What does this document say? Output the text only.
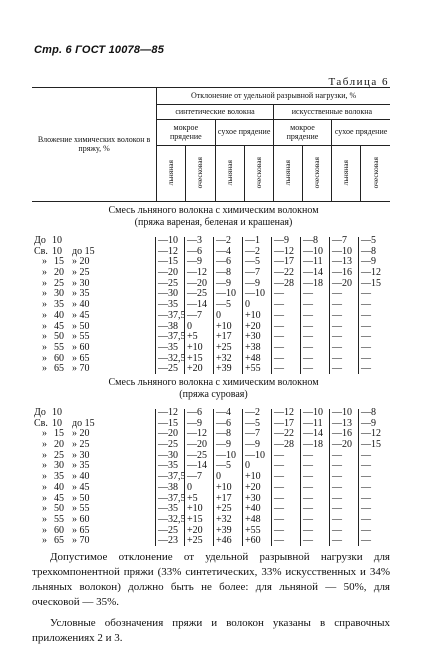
Стр. 6 ГОСТ 10078—85
Таблица 6
Вложение химических волокон в пряжу, %	Отклонение от удельной разрывной нагрузки, %							
	синтетические волокна				искусственные волокна			
	мокрое прядение		сухое прядение		мокрое прядение		сухое прядение	
	льняная	оческовая	льняная	оческовая	льняная	оческовая	льняная	оческовая
Смесь льняного волокна с химическим волокном
(пряжа вареная, беленая и крашеная)
До 10	—10 —3 —2 —1 —9 —8 —7 —5
Св. 10 до 15	—12 —6 —4 —2 —12 —10 —10 —8
» 15 » 20	—15 —9 —6 —5 —17 —11 —13 —9
» 20 » 25	—20 —12 —8 —7 —22 —14 —16 —12
» 25 » 30	—25 —20 —9 —9 —28 —18 —20 —15
» 30 » 35	—30 —25 —10 —10 — — — —
» 35 » 40	—35 —14 —5 0 — — — —
» 40 » 45	—37,5 —7 0 +10 — — — —
» 45 » 50	—38 0 +10 +20 — — — —
» 50 » 55	—37,5 +5 +17 +30 — — — —
» 55 » 60	—35 +10 +25 +38 — — — —
» 60 » 65	—32,5 +15 +32 +48 — — — —
» 65 » 70	—25 +20 +39 +55 — — — —
Смесь льняного волокна с химическим волокном
(пряжа суровая)
До 10	—12 —6 —4 —2 —12 —10 —10 —8
Св. 10 до 15	—15 —9 —6 —5 —17 —11 —13 —9
» 15 » 20	—20 —12 —8 —7 —22 —14 —16 —12
» 20 » 25	—25 —20 —9 —9 —28 —18 —20 —15
» 25 » 30	—30 —25 —10 —10 — — — —
» 30 » 35	—35 —14 —5 0 — — — —
» 35 » 40	—37,5 —7 0 +10 — — — —
» 40 » 45	—38 0 +10 +20 — — — —
» 45 » 50	—37,5 +5 +17 +30 — — — —
» 50 » 55	—35 +10 +25 +40 — — — —
» 55 » 60	—32,5 +15 +32 +48 — — — —
» 60 » 65	—25 +20 +39 +55 — — — —
» 65 » 70	—23 +25 +46 +60 — — — —

Допустимое отклонение от удельной разрывной нагрузки для трехкомпонентной пряжи (33% синтетических, 33% искусственных и 34% льняных волокон) должно быть не более: для льняной — 50%, для оческовой — 35%.

Условные обозначения пряжи и волокон указаны в справочных приложениях 2 и 3.
